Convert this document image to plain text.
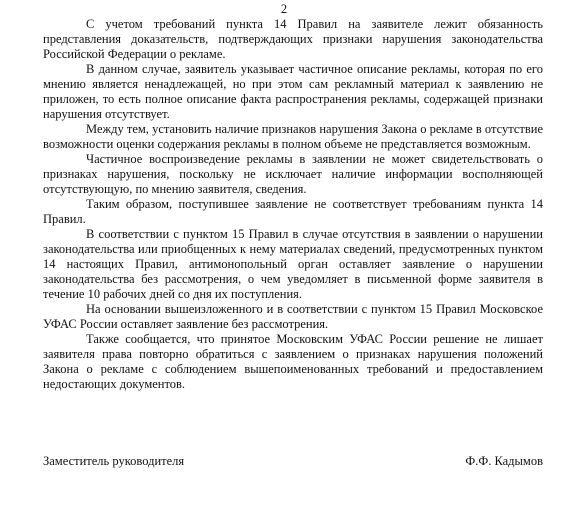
2

С учетом требований пункта 14 Правил на заявителе лежит обязанность представления доказательств, подтверждающих признаки нарушения законодательства Российской Федерации о рекламе.

В данном случае, заявитель указывает частичное описание рекламы, которая по его мнению является ненадлежащей, но при этом сам рекламный материал к заявлению не приложен, то есть полное описание факта распространения рекламы, содержащей признаки нарушения отсутствует.

Между тем, установить наличие признаков нарушения Закона о рекламе в отсутствие возможности оценки содержания рекламы в полном объеме не представляется возможным.

Частичное воспроизведение рекламы в заявлении не может свидетельствовать о признаках нарушения, поскольку не исключает наличие информации восполняющей отсутствующую, по мнению заявителя, сведения.

Таким образом, поступившее заявление не соответствует требованиям пункта 14 Правил.

В соответствии с пунктом 15 Правил в случае отсутствия в заявлении о нарушении законодательства или приобщенных к нему материалах сведений, предусмотренных пунктом 14 настоящих Правил, антимонопольный орган оставляет заявление о нарушении законодательства без рассмотрения, о чем уведомляет в письменной форме заявителя в течение 10 рабочих дней со дня их поступления.

На основании вышеизложенного и в соответствии с пунктом 15 Правил Московское УФАС России оставляет заявление без рассмотрения.

Также сообщается, что принятое Московским УФАС России решение не лишает заявителя права повторно обратиться с заявлением о признаках нарушения положений Закона о рекламе с соблюдением вышепоименованных требований и предоставлением недостающих документов.

Заместитель руководителя	Ф.Ф. Кадымов
